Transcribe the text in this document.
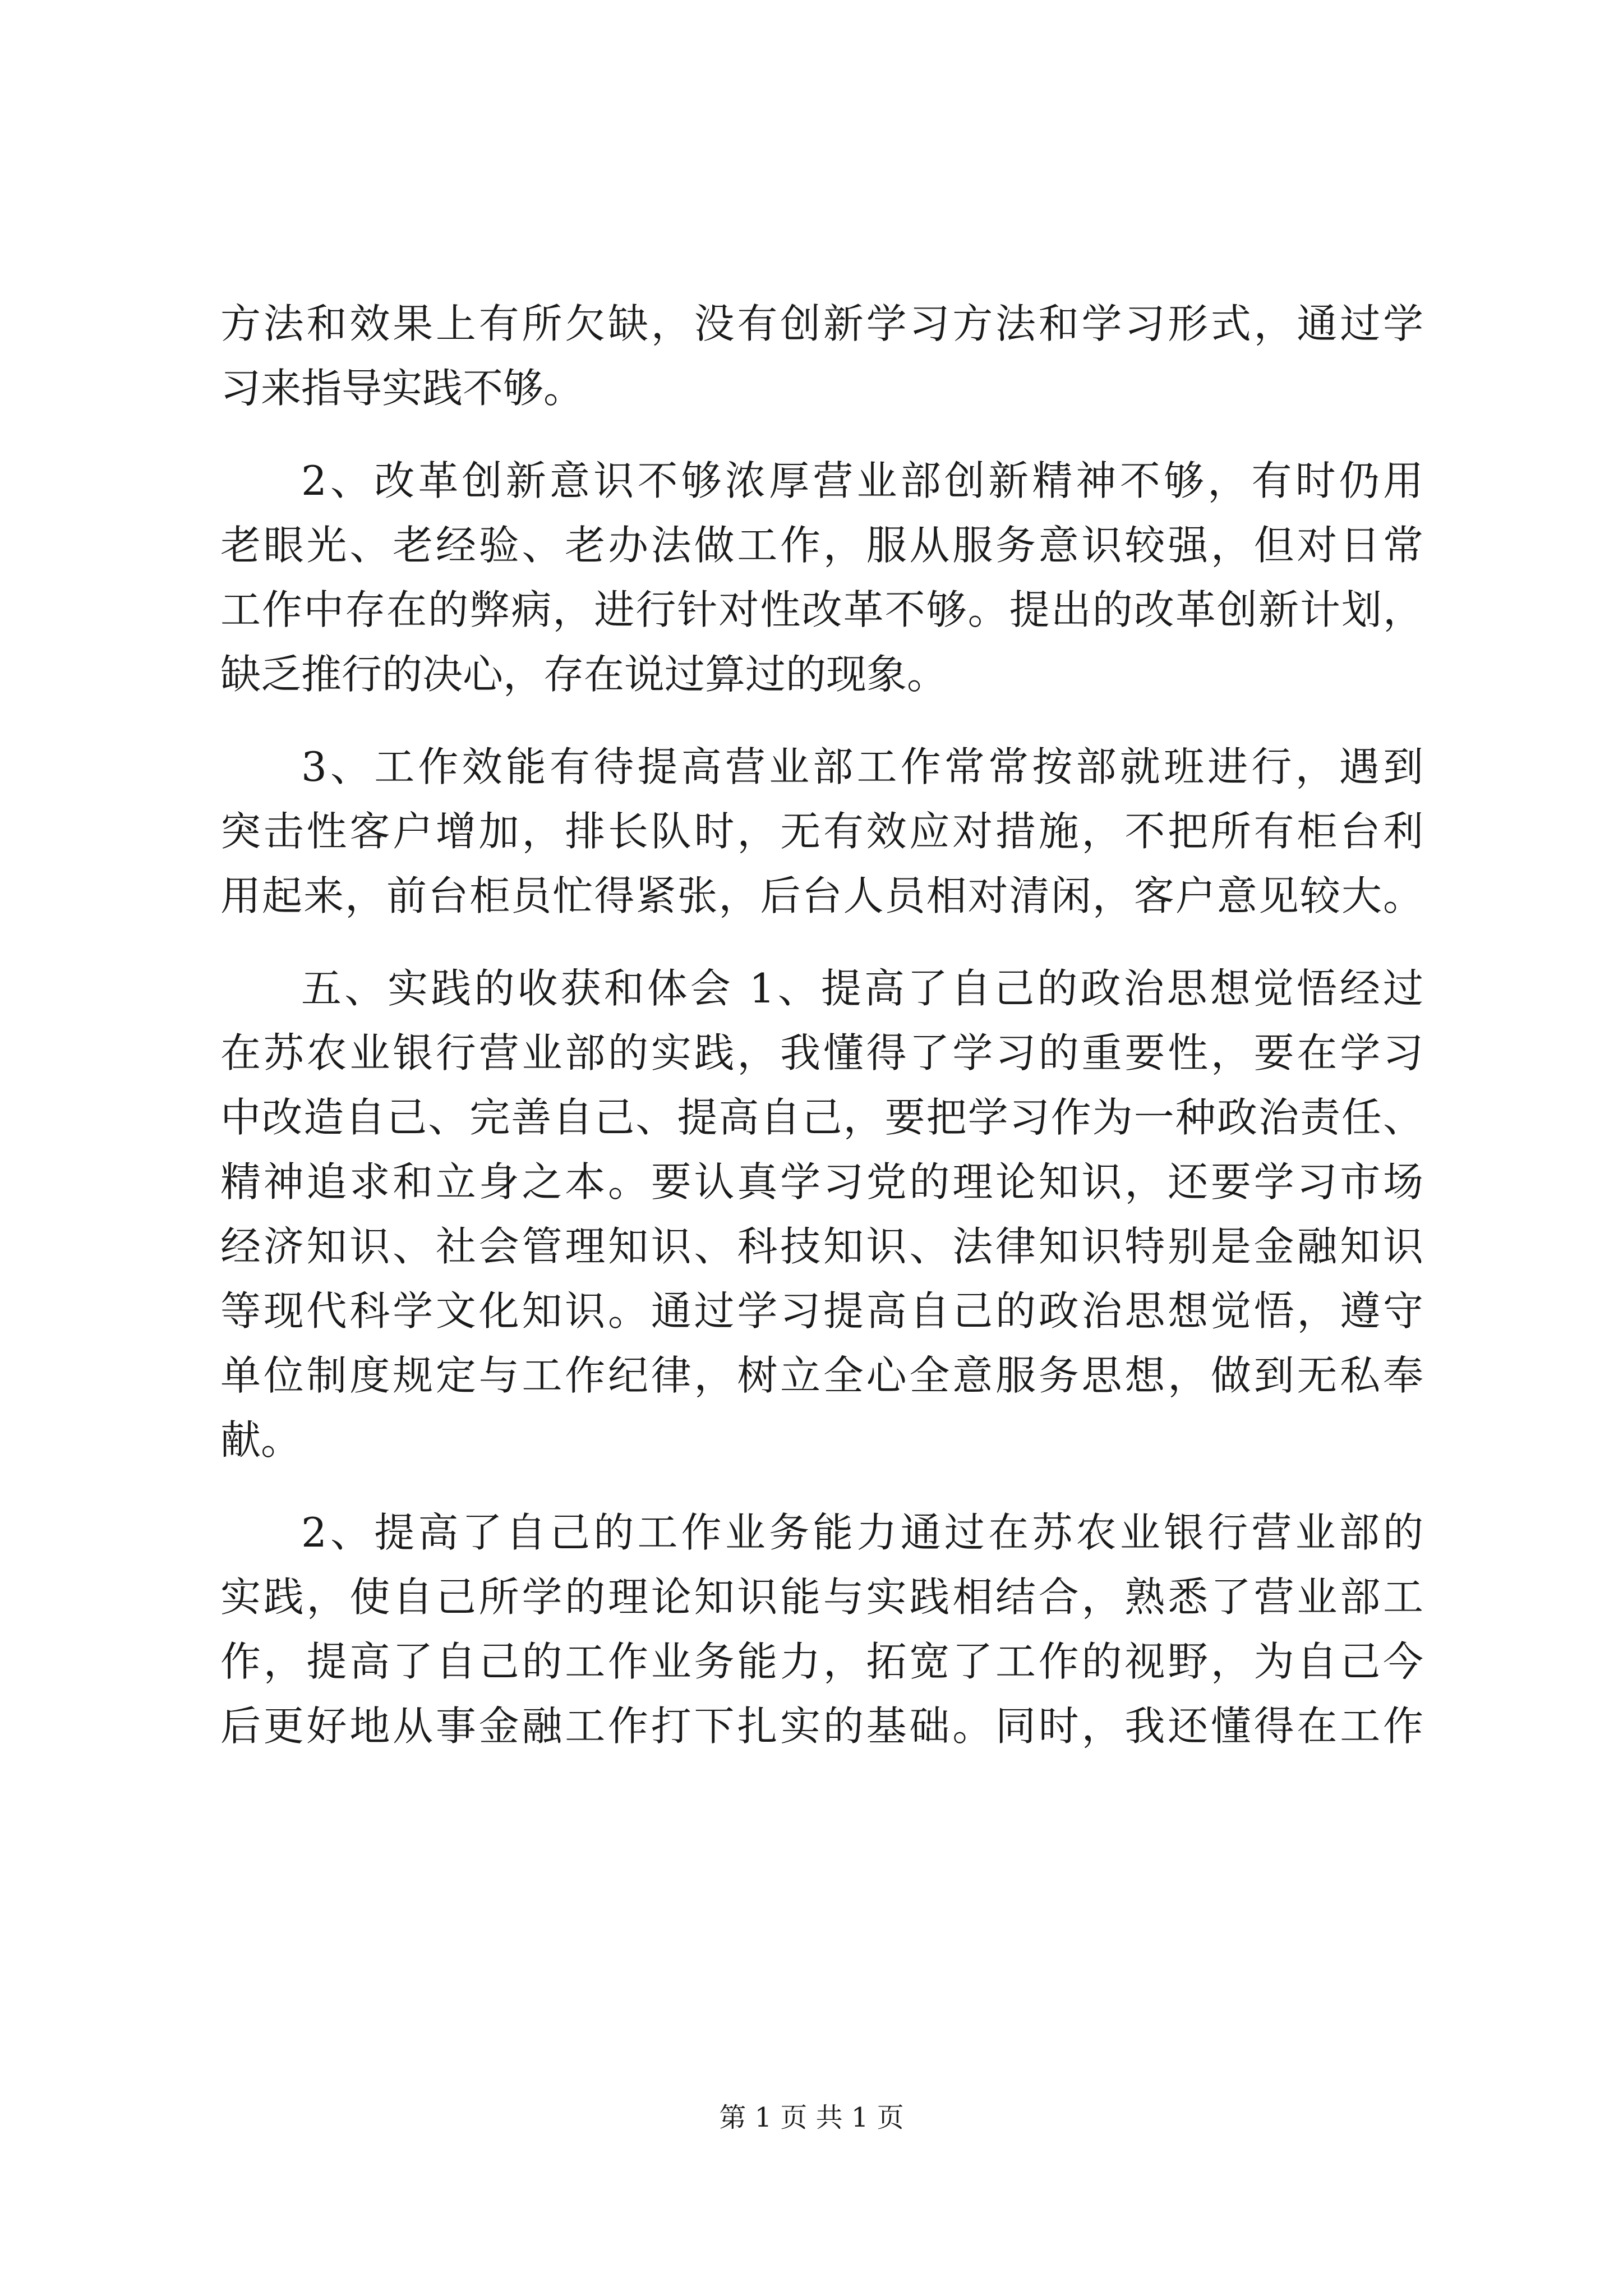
方法和效果上有所欠缺，没有创新学习方法和学习形式，通过学
习来指导实践不够。
2、改革创新意识不够浓厚营业部创新精神不够，有时仍用
老眼光、老经验、老办法做工作，服从服务意识较强，但对日常
工作中存在的弊病，进行针对性改革不够。提出的改革创新计划，
缺乏推行的决心，存在说过算过的现象。
3、工作效能有待提高营业部工作常常按部就班进行，遇到
突击性客户增加，排长队时，无有效应对措施，不把所有柜台利
用起来，前台柜员忙得紧张，后台人员相对清闲，客户意见较大。
五、实践的收获和体会 1、提高了自己的政治思想觉悟经过
在苏农业银行营业部的实践，我懂得了学习的重要性，要在学习
中改造自己、完善自己、提高自己，要把学习作为一种政治责任、
精神追求和立身之本。要认真学习党的理论知识，还要学习市场
经济知识、社会管理知识、科技知识、法律知识特别是金融知识
等现代科学文化知识。通过学习提高自己的政治思想觉悟，遵守
单位制度规定与工作纪律，树立全心全意服务思想，做到无私奉
献。
2、提高了自己的工作业务能力通过在苏农业银行营业部的
实践，使自己所学的理论知识能与实践相结合，熟悉了营业部工
作，提高了自己的工作业务能力，拓宽了工作的视野，为自己今
后更好地从事金融工作打下扎实的基础。同时，我还懂得在工作
第 1 页 共 1 页
